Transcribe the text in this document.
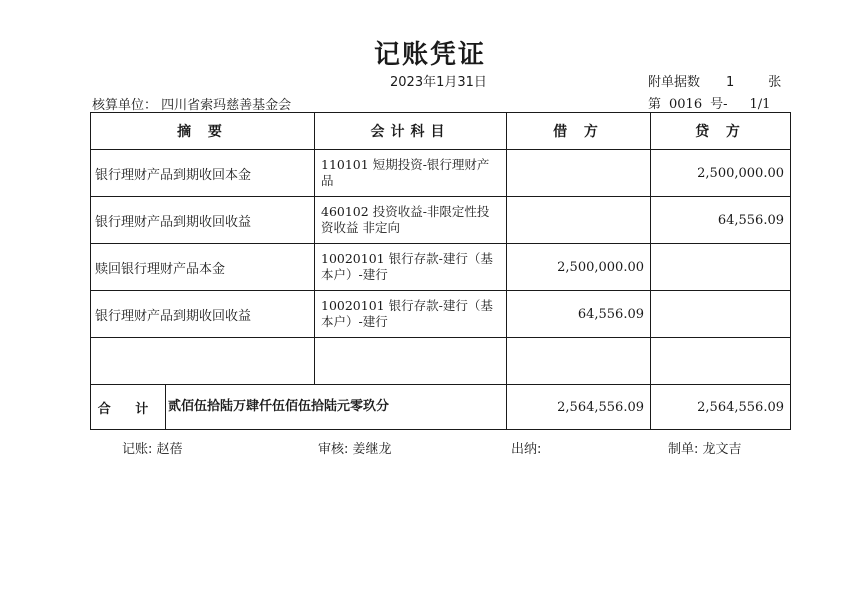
记账凭证
2023年1月31日	附单据数 1	张
核算单位： 四川省索玛慈善基金会	第 0016 号- 1/1
摘 要	会计科目	借 方	贷 方
银行理财产品到期收回本金	110101 短期投资-银行理财产品		2,500,000.00
银行理财产品到期收回收益	460102 投资收益-非限定性投资收益 非定向		64,556.09
赎回银行理财产品本金	10020101 银行存款-建行（基本户）-建行	2,500,000.00	
银行理财产品到期收回收益	10020101 银行存款-建行（基本户）-建行	64,556.09	

合 计 贰佰伍拾陆万肆仟伍佰伍拾陆元零玖分		2,564,556.09	2,564,556.09
记账: 赵蓓	审核: 姜继龙	出纳:	制单: 龙文吉
